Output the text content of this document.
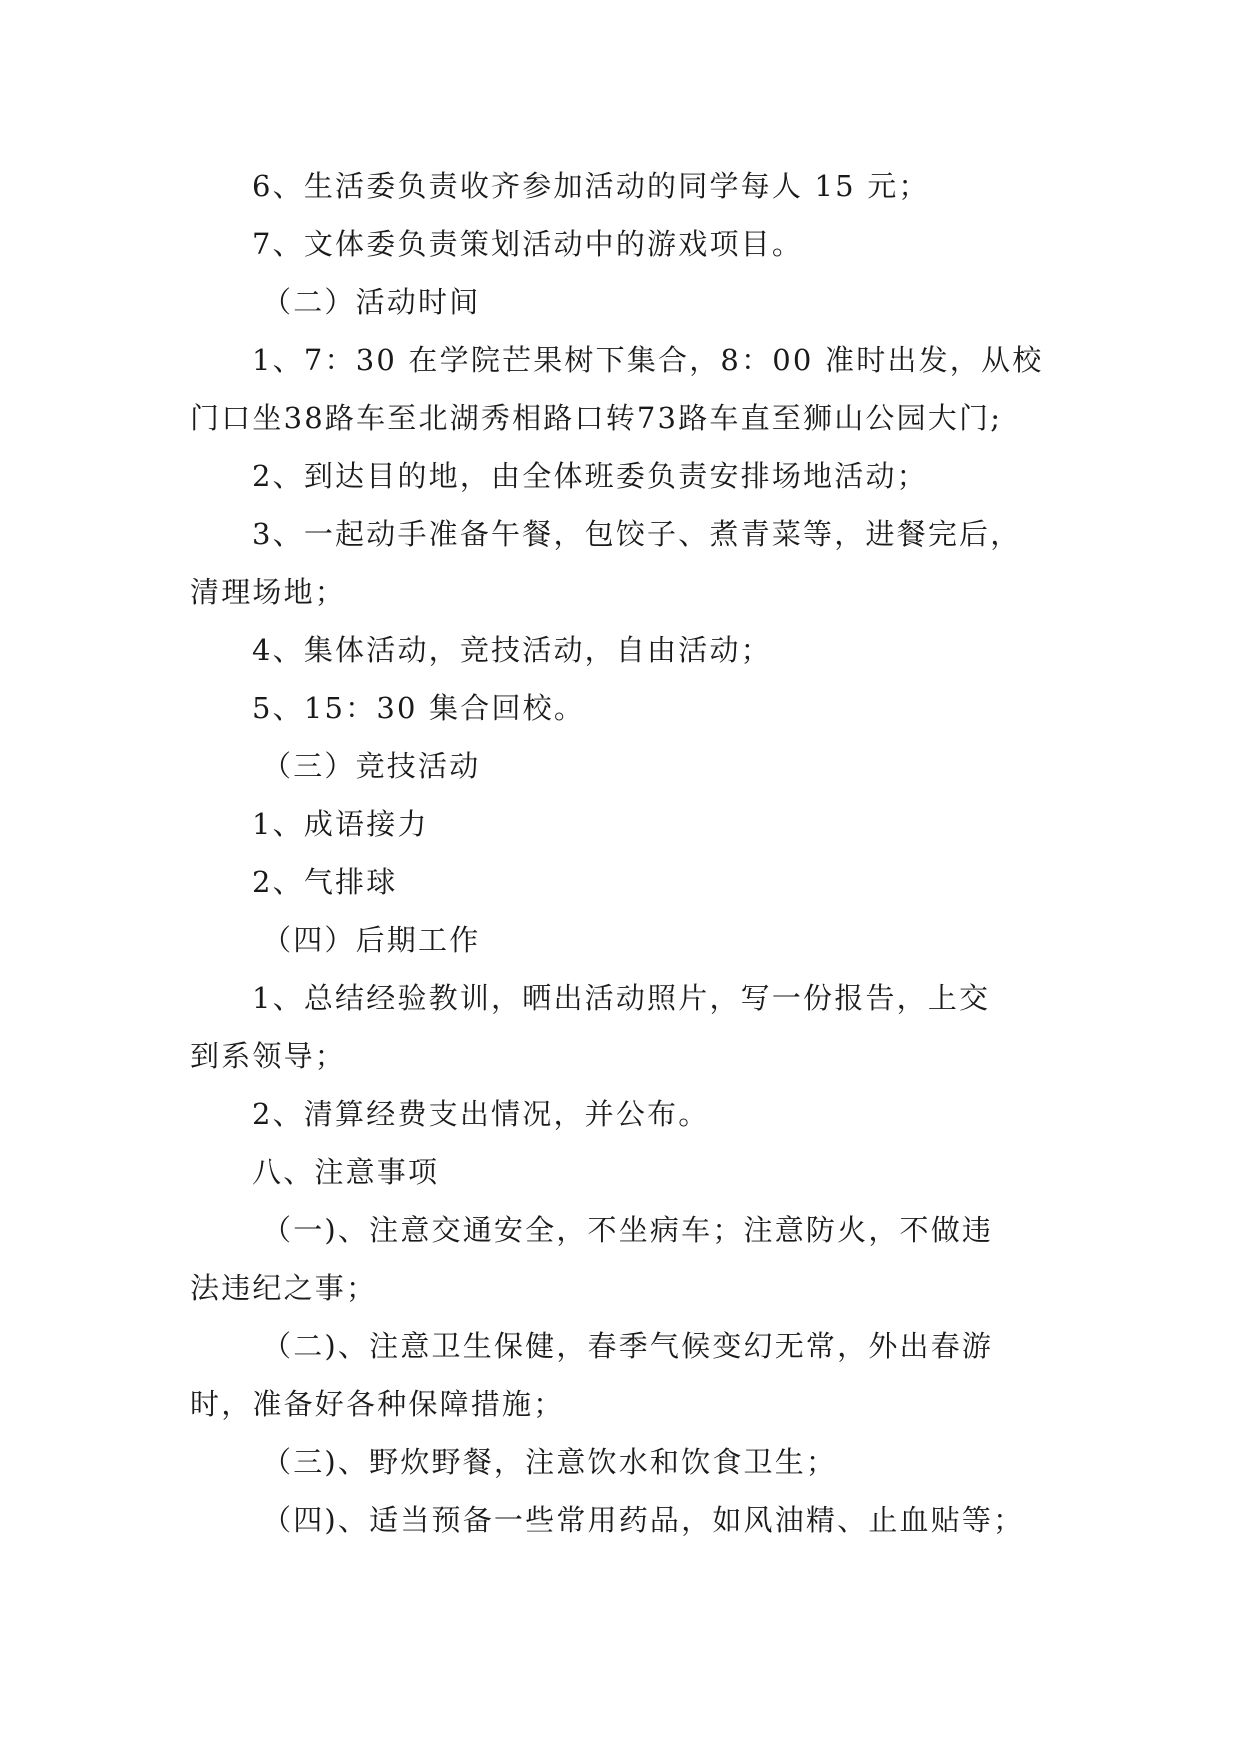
6、生活委负责收齐参加活动的同学每人 15 元；
7、文体委负责策划活动中的游戏项目。
（二）活动时间
1、7：30 在学院芒果树下集合，8：00 准时出发，从校
门口坐38路车至北湖秀相路口转73路车直至狮山公园大门;
2、到达目的地，由全体班委负责安排场地活动；
3、一起动手准备午餐，包饺子、煮青菜等，进餐完后，
清理场地；
4、集体活动，竞技活动，自由活动；
5、15：30 集合回校。
（三）竞技活动
1、成语接力
2、气排球
（四）后期工作
1、总结经验教训，晒出活动照片，写一份报告，上交
到系领导；
2、清算经费支出情况，并公布。
八、注意事项
（一)、注意交通安全，不坐病车；注意防火，不做违
法违纪之事；
（二)、注意卫生保健，春季气候变幻无常，外出春游
时，准备好各种保障措施；
（三)、野炊野餐，注意饮水和饮食卫生；
（四)、适当预备一些常用药品，如风油精、止血贴等；
